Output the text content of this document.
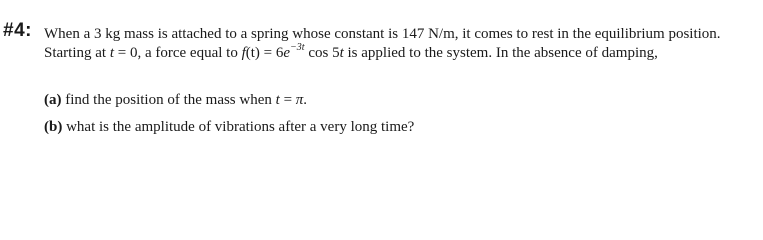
#4: When a 3 kg mass is attached to a spring whose constant is 147 N/m, it comes to rest in the equilibrium position.
Starting at t = 0, a force equal to $f(t) = 6e^{-3t}$ cos 5t is applied to the system. In the absence of damping,
(a) find the position of the mass when t = π.
(b) what is the amplitude of vibrations after a very long time?
